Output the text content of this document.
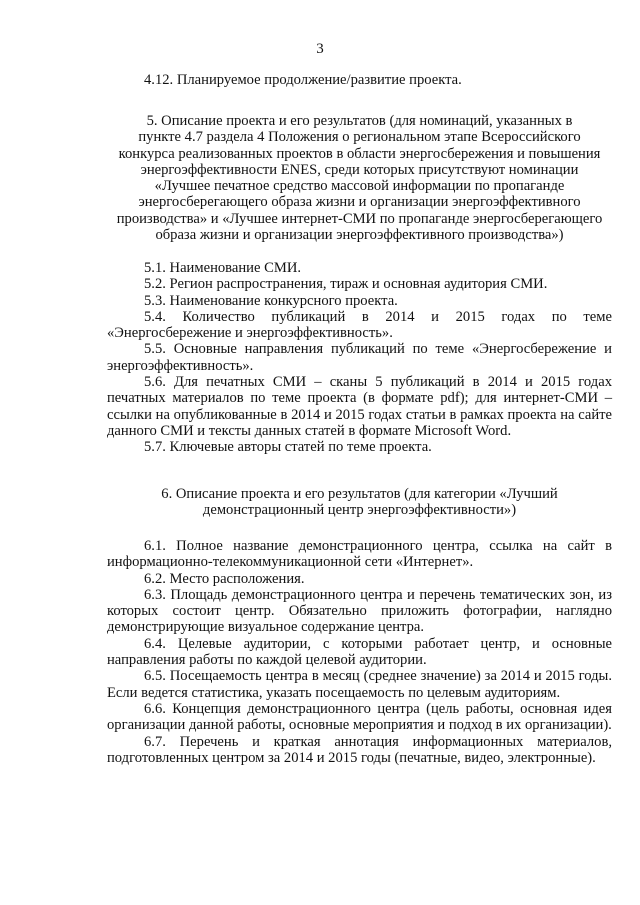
3
4.12. Планируемое продолжение/развитие проекта.

5. Описание проекта и его результатов (для номинаций, указанных в

пункте 4.7 раздела 4 Положения о региональном этапе Всероссийского

конкурса реализованных проектов в области энергосбережения и повышения

энергоэффективности ENES, среди которых присутствуют номинации

«Лучшее печатное средство массовой информации по пропаганде

энергосберегающего образа жизни и организации энергоэффективного

производства» и «Лучшее интернет-СМИ по пропаганде энергосберегающего

образа жизни и организации энергоэффективного производства»)

5.1. Наименование СМИ.

5.2. Регион распространения, тираж и основная аудитория СМИ.

5.3. Наименование конкурсного проекта.

5.4. Количество публикаций в 2014 и 2015 годах по теме «Энергосбережение и энергоэффективность».

5.5. Основные направления публикаций по теме «Энергосбережение и энергоэффективность».

5.6. Для печатных СМИ – сканы 5 публикаций в 2014 и 2015 годах печатных материалов по теме проекта (в формате pdf); для интернет-СМИ – ссылки на опубликованные в 2014 и 2015 годах статьи в рамках проекта на сайте данного СМИ и тексты данных статей в формате Microsoft Word.

5.7. Ключевые авторы статей по теме проекта.

6. Описание проекта и его результатов (для категории «Лучший

демонстрационный центр энергоэффективности»)

6.1. Полное название демонстрационного центра, ссылка на сайт в информационно-телекоммуникационной сети «Интернет».

6.2. Место расположения.

6.3. Площадь демонстрационного центра и перечень тематических зон, из которых состоит центр. Обязательно приложить фотографии, наглядно демонстрирующие визуальное содержание центра.

6.4. Целевые аудитории, с которыми работает центр, и основные направления работы по каждой целевой аудитории.

6.5. Посещаемость центра в месяц (среднее значение) за 2014 и 2015 годы. Если ведется статистика, указать посещаемость по целевым аудиториям.

6.6. Концепция демонстрационного центра (цель работы, основная идея организации данной работы, основные мероприятия и подход в их организации).

6.7. Перечень и краткая аннотация информационных материалов, подготовленных центром за 2014 и 2015 годы (печатные, видео, электронные).
